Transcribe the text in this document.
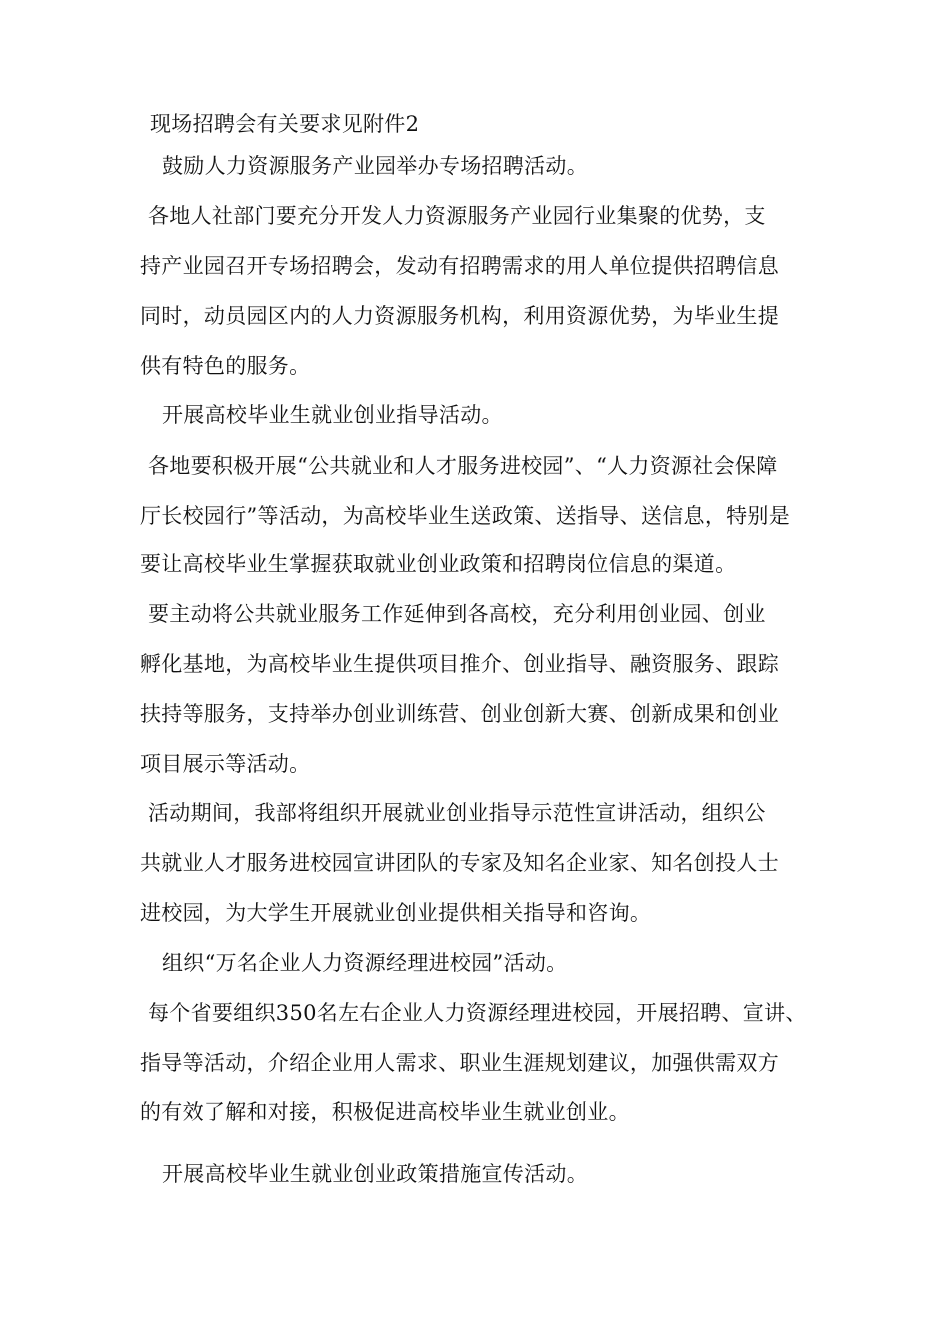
现场招聘会有关要求见附件2
鼓励人力资源服务产业园举办专场招聘活动。
各地人社部门要充分开发人力资源服务产业园行业集聚的优势，支
持产业园召开专场招聘会，发动有招聘需求的用人单位提供招聘信息
同时，动员园区内的人力资源服务机构，利用资源优势，为毕业生提
供有特色的服务。
开展高校毕业生就业创业指导活动。
各地要积极开展“公共就业和人才服务进校园”、“人力资源社会保障
厅长校园行”等活动，为高校毕业生送政策、送指导、送信息，特别是
要让高校毕业生掌握获取就业创业政策和招聘岗位信息的渠道。
要主动将公共就业服务工作延伸到各高校，充分利用创业园、创业
孵化基地，为高校毕业生提供项目推介、创业指导、融资服务、跟踪
扶持等服务，支持举办创业训练营、创业创新大赛、创新成果和创业
项目展示等活动。
活动期间，我部将组织开展就业创业指导示范性宣讲活动，组织公
共就业人才服务进校园宣讲团队的专家及知名企业家、知名创投人士
进校园，为大学生开展就业创业提供相关指导和咨询。
组织“万名企业人力资源经理进校园”活动。
每个省要组织350名左右企业人力资源经理进校园，开展招聘、宣讲、
指导等活动，介绍企业用人需求、职业生涯规划建议，加强供需双方
的有效了解和对接，积极促进高校毕业生就业创业。
开展高校毕业生就业创业政策措施宣传活动。
